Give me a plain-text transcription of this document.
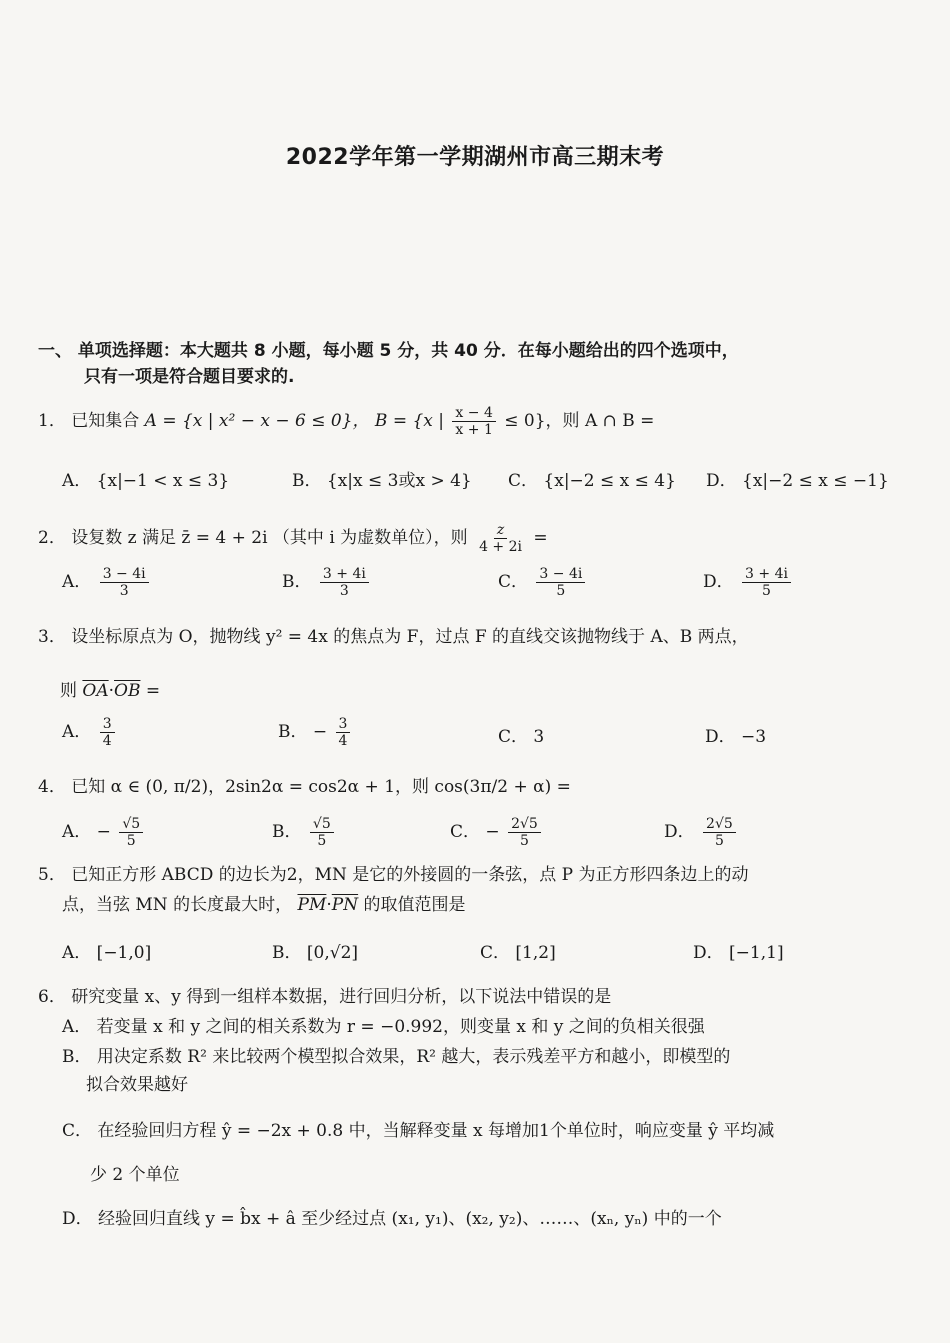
2022学年第一学期湖州市高三期末考
一、 单项选择题：本大题共 8 小题，每小题 5 分，共 40 分．在每小题给出的四个选项中，
只有一项是符合题目要求的.
1． 已知集合 A = {x | x² − x − 6 ≤ 0}， B = {x | $\frac{x - 4}{x + 1} \le 0$}，则 A ∩ B =
A． {x|−1 < x ≤ 3}	B． {x|x ≤ 3或x > 4} C． {x|−2 ≤ x ≤ 4} D． {x|−2 ≤ x ≤ −1}
2． 设复数 z 满足 z̄ = 4 + 2i （其中 i 为虚数单位），则 $\frac{z}{4 + 2i}$ =
A． $\frac{3 - 4i}{3}$	B． $\frac{3 + 4i}{3}$	C． $\frac{3 - 4i}{5}$	D． $\frac{3 + 4i}{5}$
3． 设坐标原点为 O，抛物线 y² = 4x 的焦点为 F，过点 F 的直线交该抛物线于 A、B 两点，
则 $\overline{OA}\cdot\overline{OB}$ =
A． $\frac{3}{4}$	B． − $\frac{3}{4}$	C． 3	D． −3
4． 已知 α ∈ (0, π/2)，2sin2α = cos2α + 1，则 cos(3π/2 + α) =
A． − $\frac{√5}{5}$	B． $\frac{√5}{5}$	C． − $\frac{2√5}{5}$	D． $\frac{2√5}{5}$
5． 已知正方形 ABCD 的边长为2，MN 是它的外接圆的一条弦，点 P 为正方形四条边上的动
点，当弦 MN 的长度最大时， $\overline{PM}\cdot\overline{PN}$ 的取值范围是
A． [−1,0]	B． [0,√2]	C． [1,2]	D． [−1,1]
6． 研究变量 x、y 得到一组样本数据，进行回归分析，以下说法中错误的是
A． 若变量 x 和 y 之间的相关系数为 r = −0.992，则变量 x 和 y 之间的负相关很强
B． 用决定系数 R² 来比较两个模型拟合效果，R² 越大，表示残差平方和越小，即模型的
拟合效果越好
C． 在经验回归方程 ŷ = −2x + 0.8 中，当解释变量 x 每增加1个单位时，响应变量 ŷ 平均减
少 2 个单位
D． 经验回归直线 y = b̂x + â 至少经过点 (x₁, y₁)、(x₂, y₂)、……、(xₙ, yₙ) 中的一个
